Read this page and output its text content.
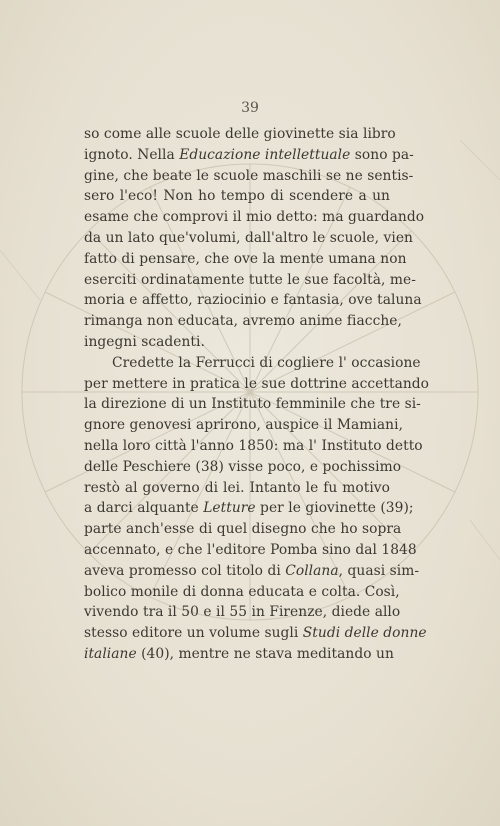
39
so come alle scuole delle giovinette sia libro
ignoto. Nella Educazione intellettuale sono pa-
gine, che beate le scuole maschili se ne sentis-
sero l'eco! Non ho tempo di scendere a un
esame che comprovi il mio detto: ma guardando
da un lato que'volumi, dall'altro le scuole, vien
fatto di pensare, che ove la mente umana non
eserciti ordinatamente tutte le sue facoltà, me-
moria e affetto, raziocinio e fantasia, ove taluna
rimanga non educata, avremo anime fiacche,
ingegni scadenti.
Credette la Ferrucci di cogliere l' occasione
per mettere in pratica le sue dottrine accettando
la direzione di un Instituto femminile che tre si-
gnore genovesi aprirono, auspice il Mamiani,
nella loro città l'anno 1850: ma l' Instituto detto
delle Peschiere (38) visse poco, e pochissimo
restò al governo di lei. Intanto le fu motivo
a darci alquante Letture per le giovinette (39);
parte anch'esse di quel disegno che ho sopra
accennato, e che l'editore Pomba sino dal 1848
aveva promesso col titolo di Collana, quasi sim-
bolico monile di donna educata e colta. Così,
vivendo tra il 50 e il 55 in Firenze, diede allo
stesso editore un volume sugli Studi delle donne
italiane (40), mentre ne stava meditando un
